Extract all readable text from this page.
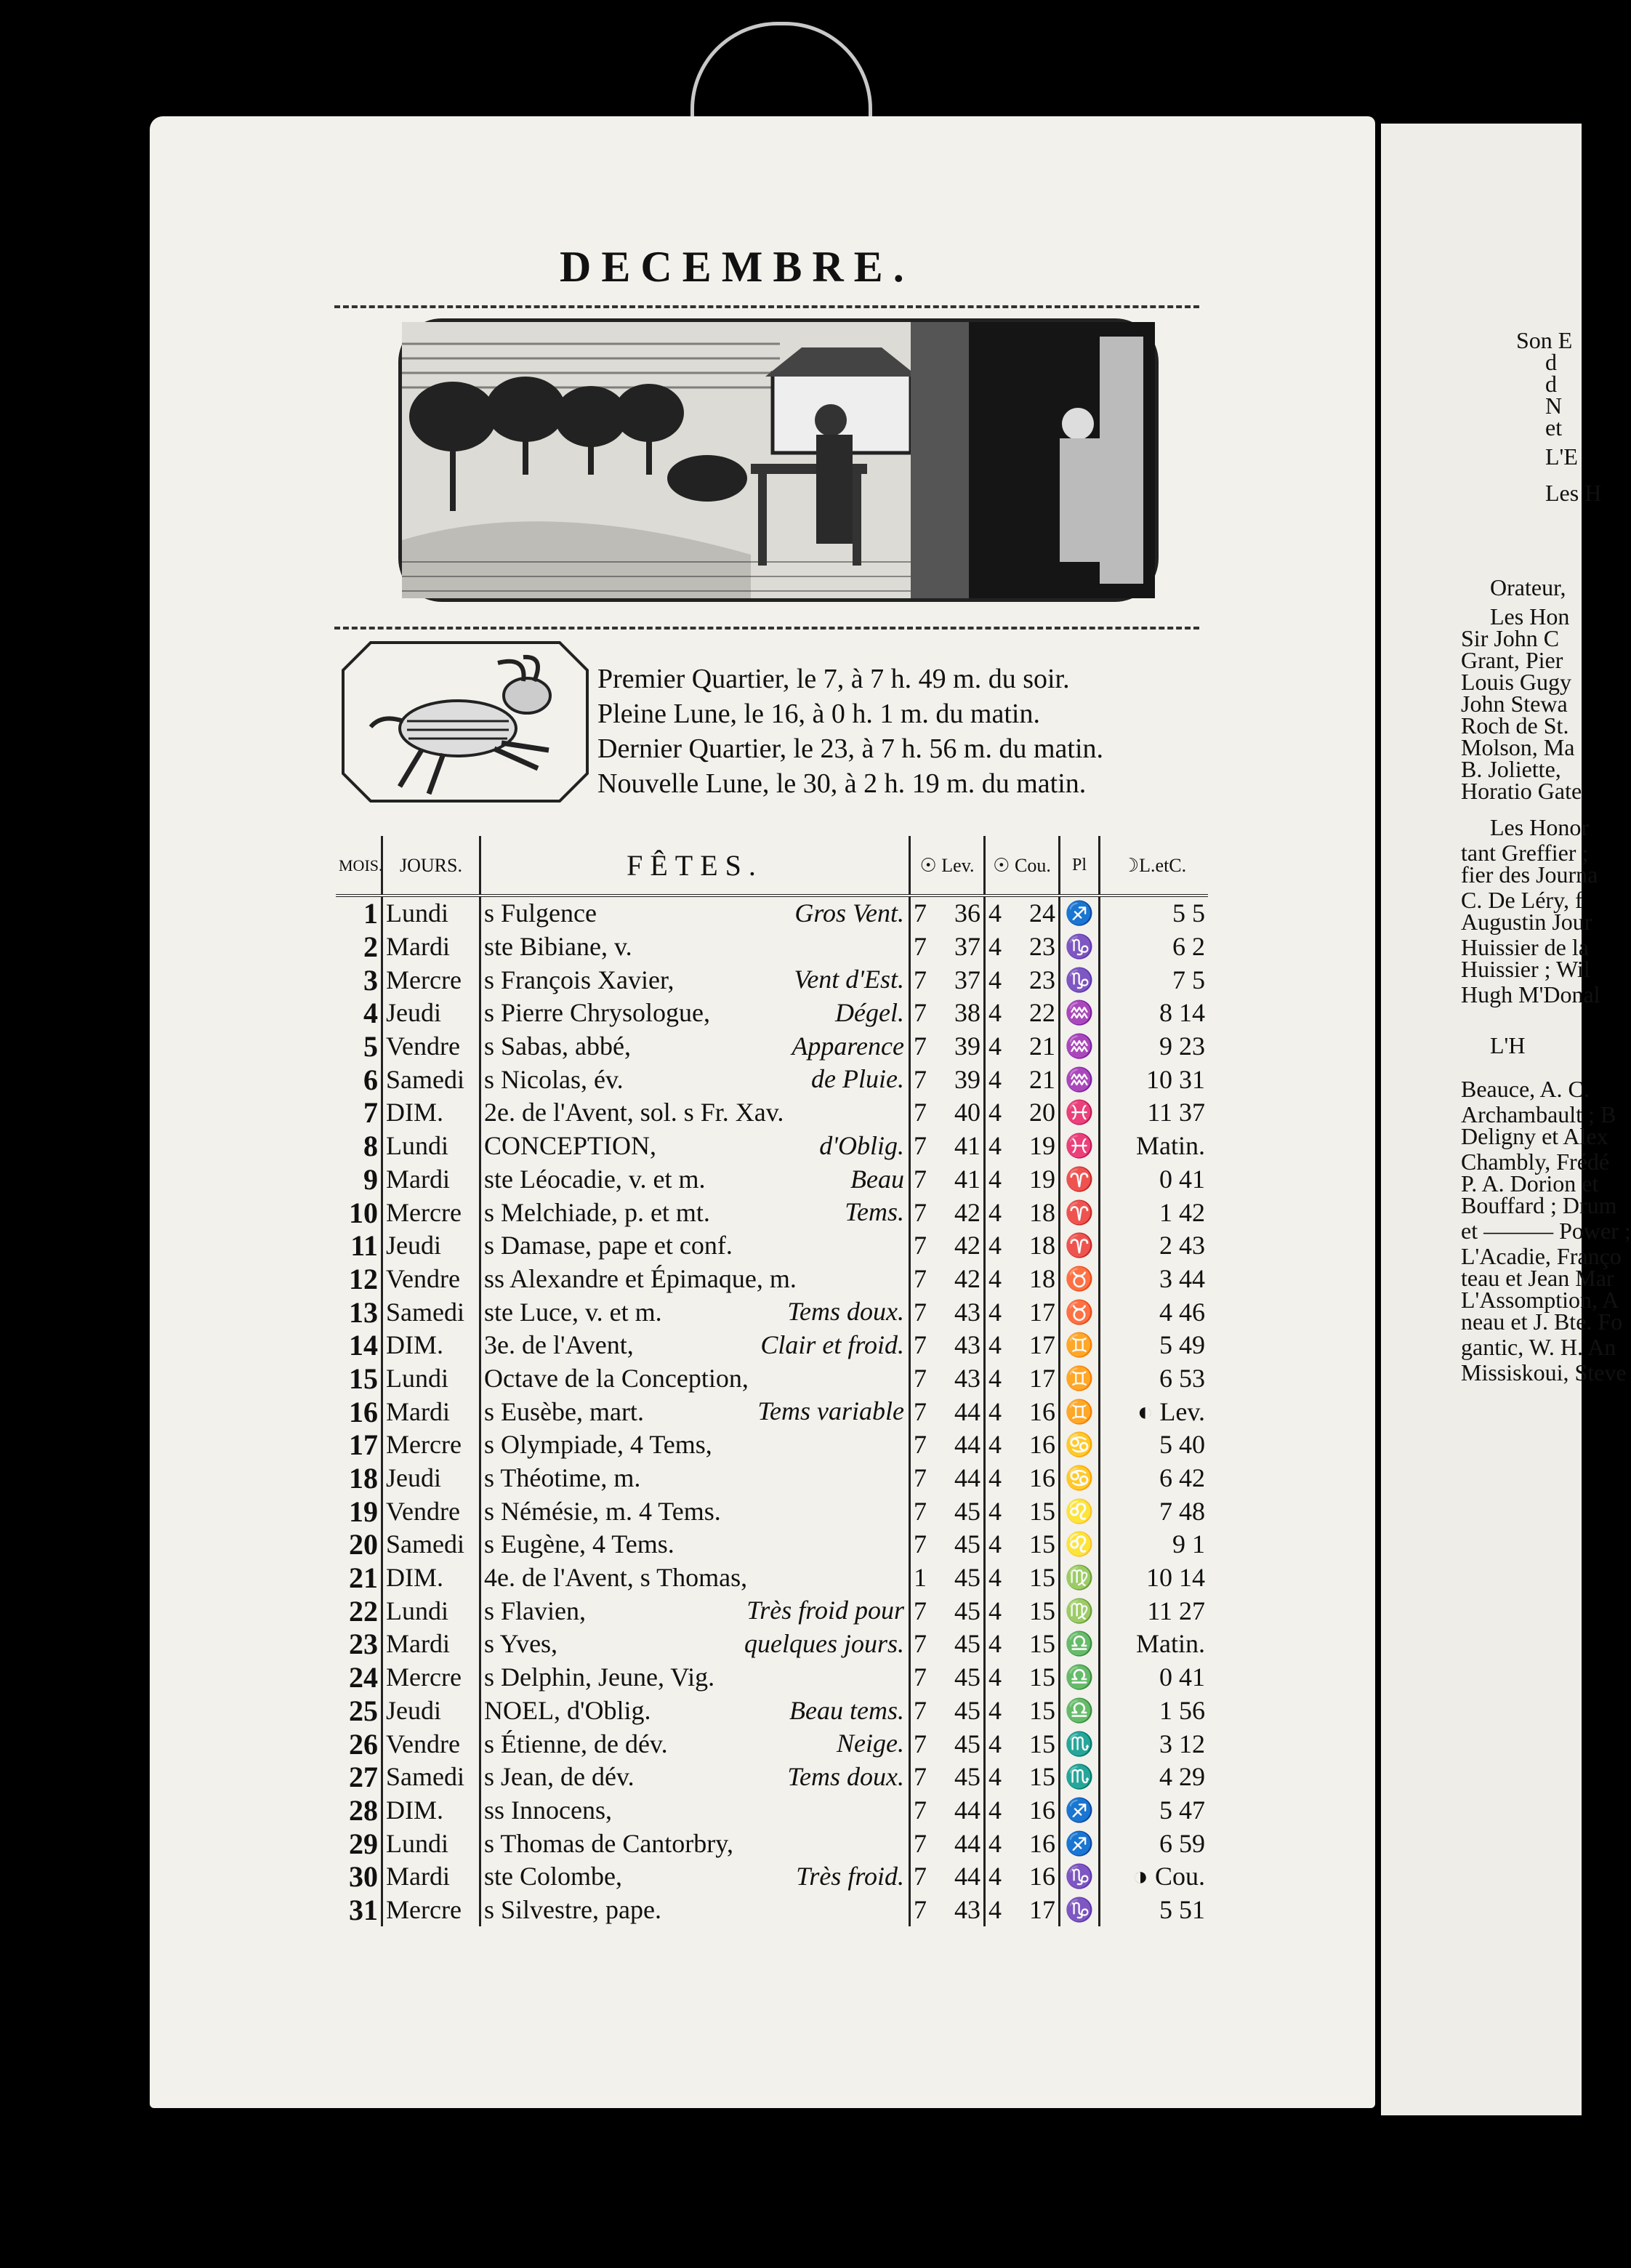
Son E
d
d
N
et
L'E
Les H
Orateur,
Les Hon
Sir John C
Grant, Pier
Louis Gugy
John Stewa
Roch de St.
Molson, Ma
B. Joliette,
Horatio Gate
Les Honor
tant Greffier ;
fier des Journa
C. De Léry, f
Augustin Jour
Huissier de la
Huissier ; Wil
Hugh M'Donal
L'H
Beauce, A. C.
Archambault ; B
Deligny et Alex
Chambly, Frédé
P. A. Dorion et
Bouffard ; Drum
et ——— Power ;
L'Acadie, Franço
teau et Jean Mar
L'Assomption, A
neau et J. Bte. Fo
gantic, W. H. An
Missiskoui, Steve
DECEMBRE.
Premier Quartier, le 7, à 7 h. 49 m. du soir.
Pleine Lune, le 16, à 0 h. 1 m. du matin.
Dernier Quartier, le 23, à 7 h. 56 m. du matin.
Nouvelle Lune, le 30, à 2 h. 19 m. du matin.
MOIS.	JOURS.	FÊTES.	☉ Lev.		☉ Cou.		Pl	☽L.etC.
1	Lundi	s Fulgence Gros Vent.	7	36	4	24	♐	5 5
2	Mardi	ste Bibiane, v.	7	37	4	23	♑	6 2
3	Mercre	s François Xavier, Vent d'Est.	7	37	4	23	♑	7 5
4	Jeudi	s Pierre Chrysologue, Dégel.	7	38	4	22	♒	8 14
5	Vendre	s Sabas, abbé, Apparence	7	39	4	21	♒	9 23
6	Samedi	s Nicolas, év. de Pluie.	7	39	4	21	♒	10 31
7	DIM.	2e. de l'Avent, sol. s Fr. Xav.	7	40	4	20	♓	11 37
8	Lundi	CONCEPTION, d'Oblig.	7	41	4	19	♓	Matin.
9	Mardi	ste Léocadie, v. et m. Beau	7	41	4	19	♈	0 41
10	Mercre	s Melchiade, p. et mt. Tems.	7	42	4	18	♈	1 42
11	Jeudi	s Damase, pape et conf.	7	42	4	18	♈	2 43
12	Vendre	ss Alexandre et Épimaque, m.	7	42	4	18	♉	3 44
13	Samedi	ste Luce, v. et m. Tems doux.	7	43	4	17	♉	4 46
14	DIM.	3e. de l'Avent, Clair et froid.	7	43	4	17	♊	5 49
15	Lundi	Octave de la Conception,	7	43	4	17	♊	6 53
16	Mardi	s Eusèbe, mart. Tems variable	7	44	4	16	♊	◐ Lev.
17	Mercre	s Olympiade, 4 Tems,	7	44	4	16	♋	5 40
18	Jeudi	s Théotime, m.	7	44	4	16	♋	6 42
19	Vendre	s Némésie, m. 4 Tems.	7	45	4	15	♌	7 48
20	Samedi	s Eugène, 4 Tems.	7	45	4	15	♌	9 1
21	DIM.	4e. de l'Avent, s Thomas,	1	45	4	15	♍	10 14
22	Lundi	s Flavien, Très froid pour	7	45	4	15	♍	11 27
23	Mardi	s Yves, quelques jours.	7	45	4	15	♎	Matin.
24	Mercre	s Delphin, Jeune, Vig.	7	45	4	15	♎	0 41
25	Jeudi	NOEL, d'Oblig. Beau tems.	7	45	4	15	♎	1 56
26	Vendre	s Étienne, de dév. Neige.	7	45	4	15	♏	3 12
27	Samedi	s Jean, de dév. Tems doux.	7	45	4	15	♏	4 29
28	DIM.	ss Innocens,	7	44	4	16	♐	5 47
29	Lundi	s Thomas de Cantorbry,	7	44	4	16	♐	6 59
30	Mardi	ste Colombe, Très froid.	7	44	4	16	♑	◑ Cou.
31	Mercre	s Silvestre, pape.	7	43	4	17	♑	5 51
